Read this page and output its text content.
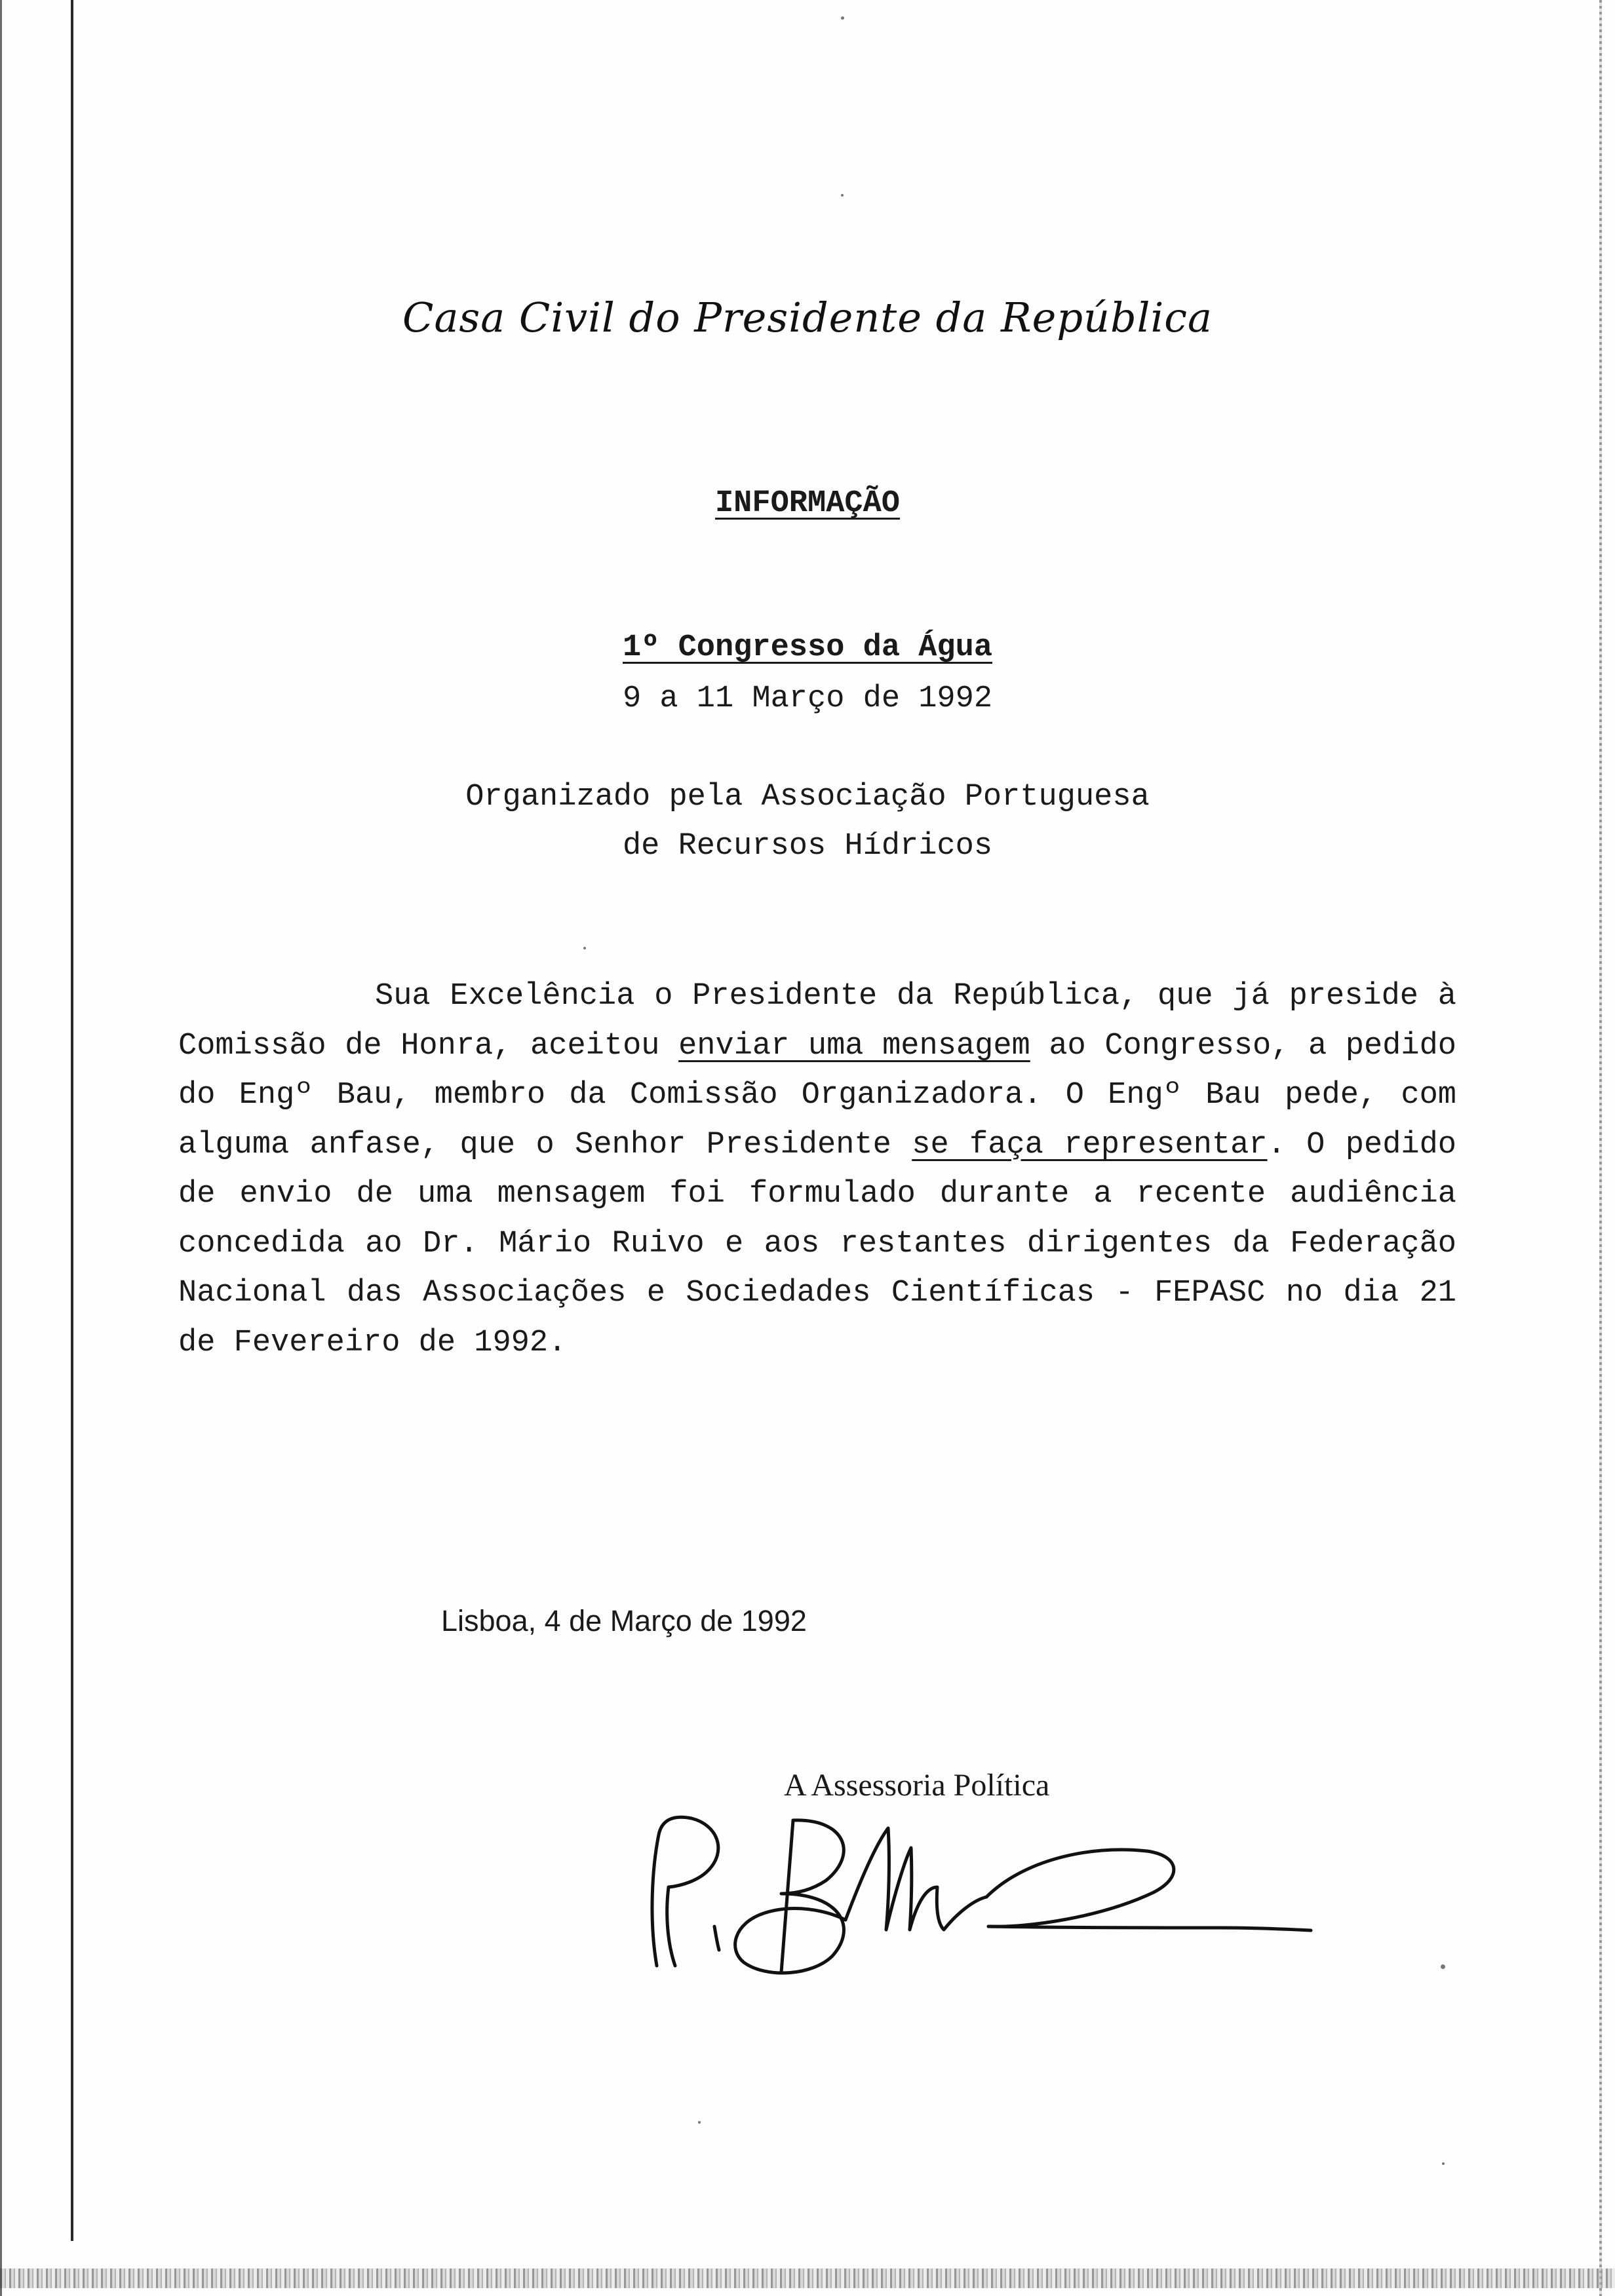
Casa Civil do Presidente da República
INFORMAÇÃO
1º Congresso da Água
9 a 11 Março de 1992
Organizado pela Associação Portuguesa
de Recursos Hídricos
Sua Excelência o Presidente da República, que já preside à Comissão de Honra, aceitou enviar uma mensagem ao Congresso, a pedido do Engº Bau, membro da Comissão Organizadora. O Engº Bau pede, com alguma anfase, que o Senhor Presidente se faça representar. O pedido de envio de uma mensagem foi formulado durante a recente audiência concedida ao Dr. Mário Ruivo e aos restantes dirigentes da Federação Nacional das Associações e Sociedades Científicas - FEPASC no dia 21 de Fevereiro de 1992.
Lisboa, 4 de Março de 1992
A Assessoria Política
